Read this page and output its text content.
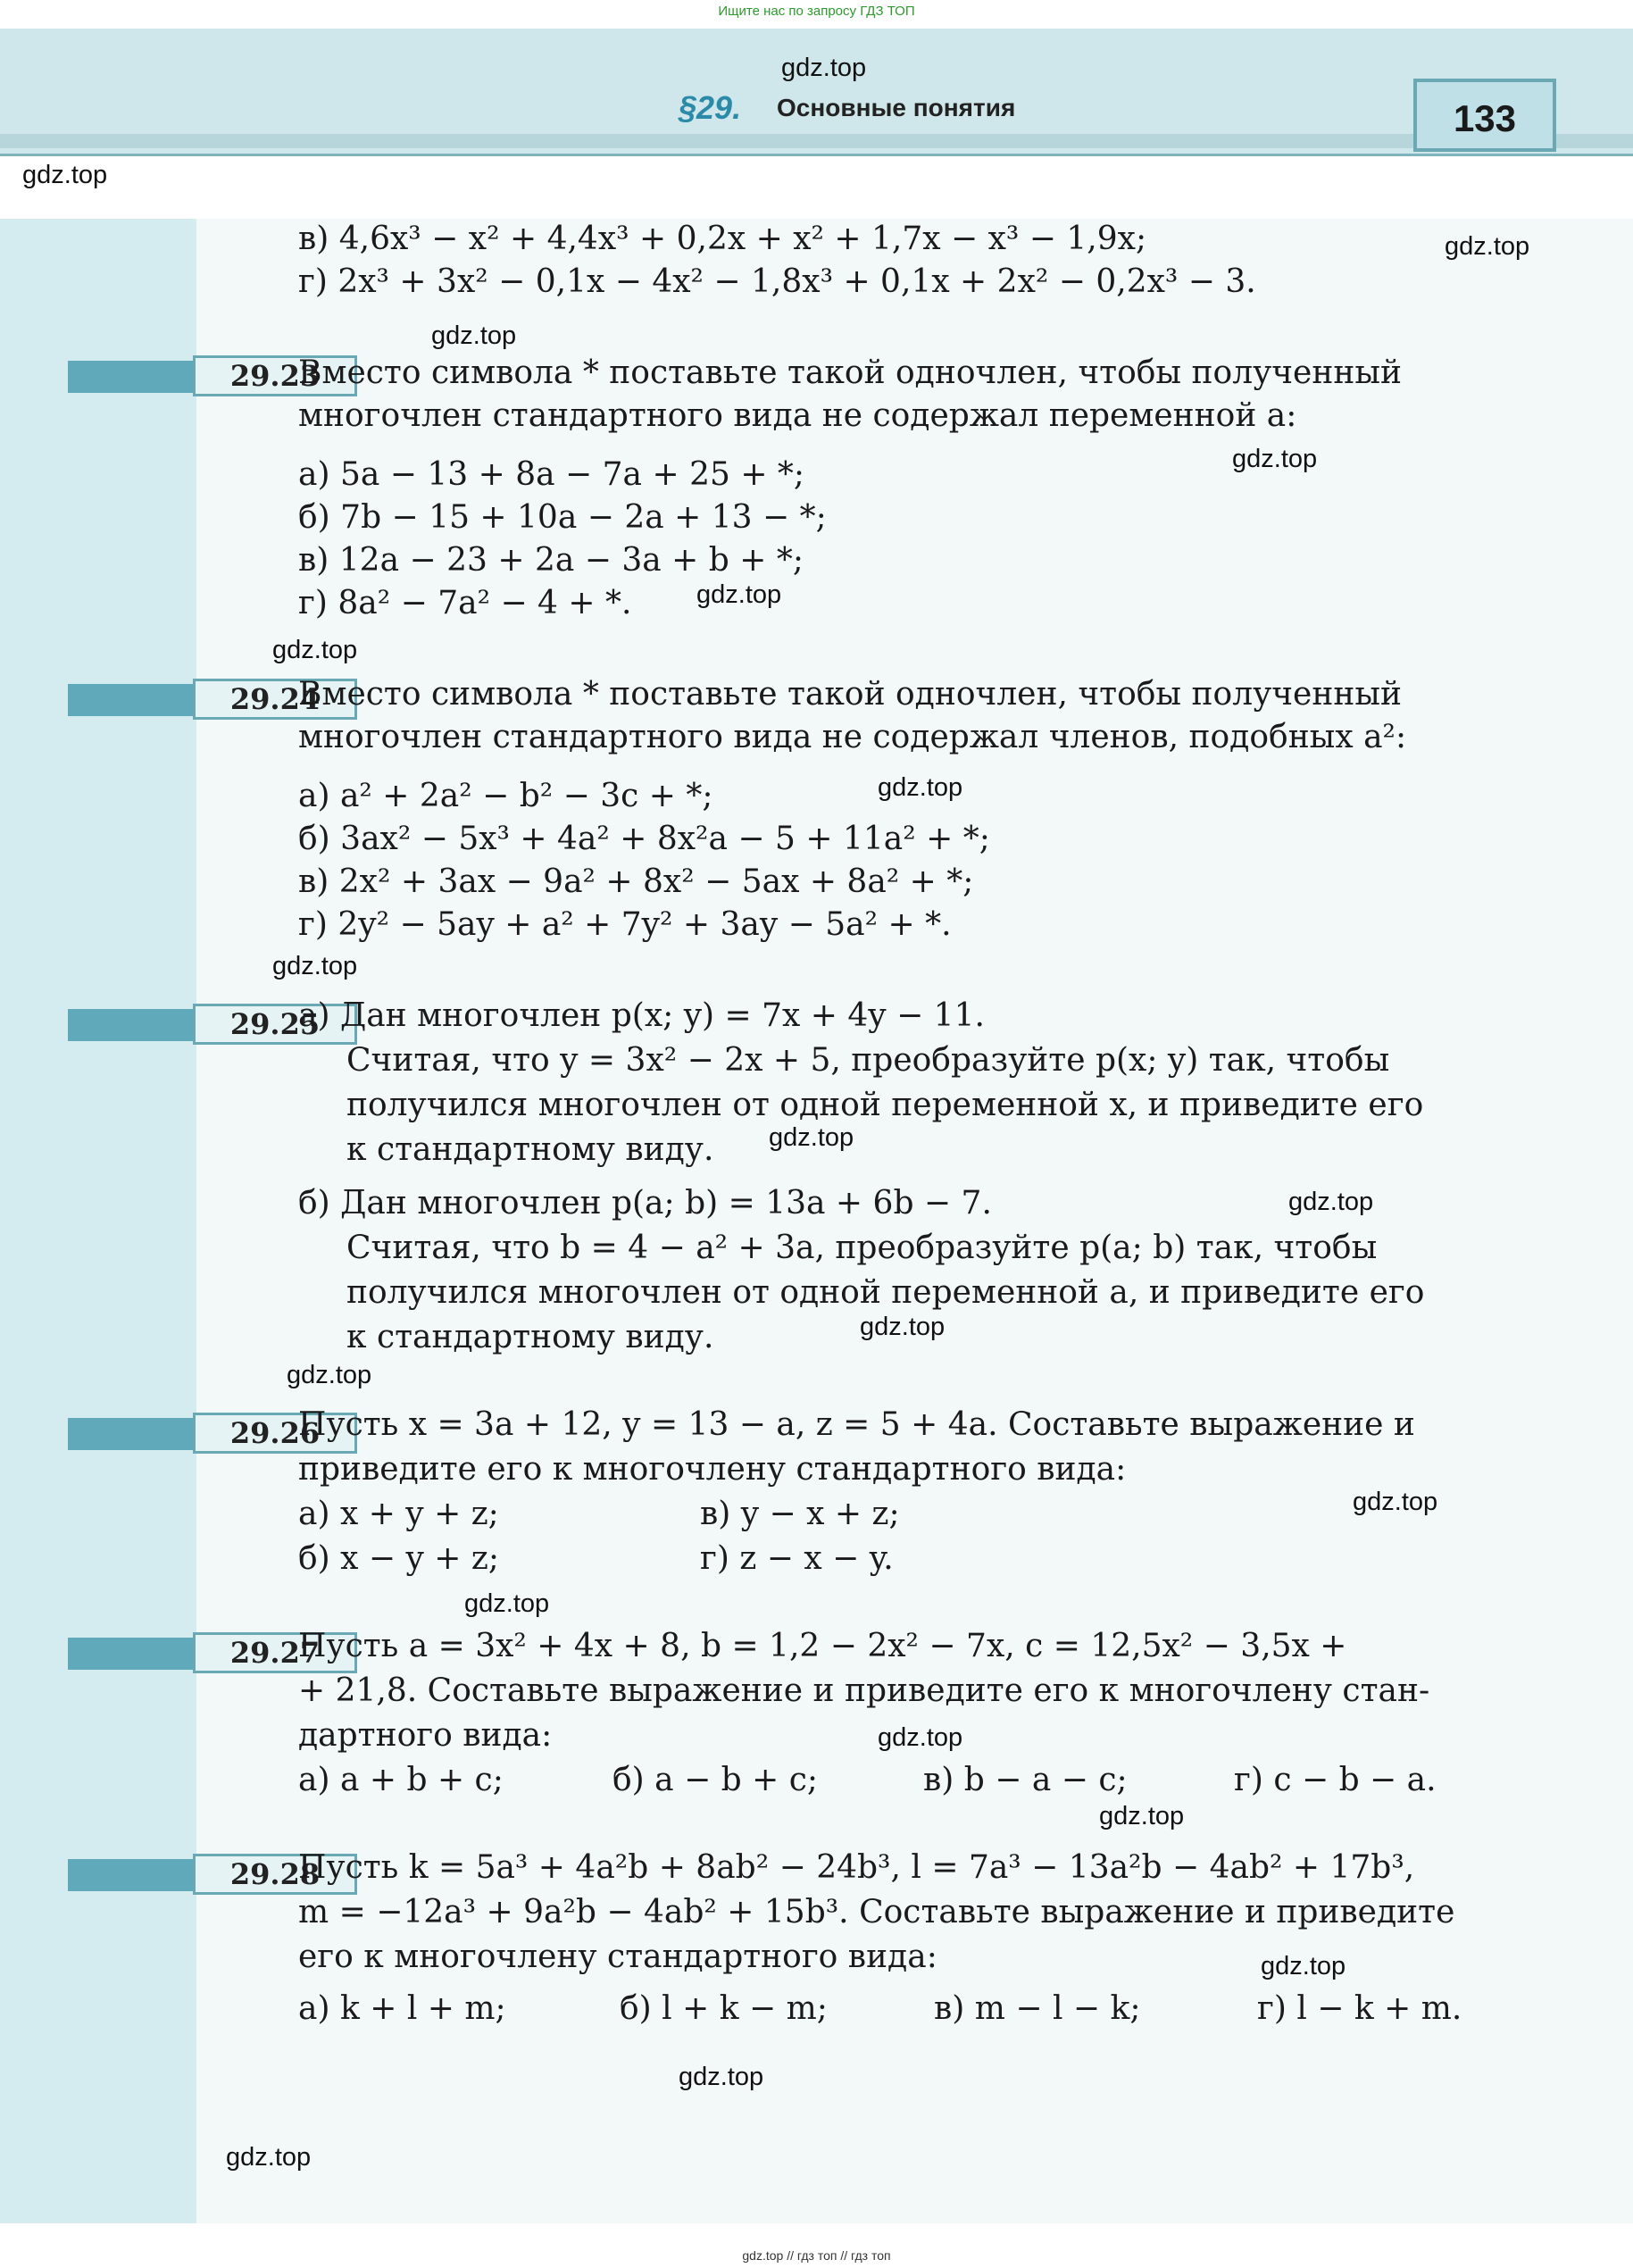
Ищите нас по запросу ГДЗ ТОП
§29. Основные понятия	133
в) 4,6x³ − x² + 4,4x³ + 0,2x + x² + 1,7x − x³ − 1,9x;
г) 2x³ + 3x² − 0,1x − 4x² − 1,8x³ + 0,1x + 2x² − 0,2x³ − 3.
29.23
Вместо символа * поставьте такой одночлен, чтобы полученный
многочлен стандартного вида не содержал переменной a:
а) 5a − 13 + 8a − 7a + 25 + *;
б) 7b − 15 + 10a − 2a + 13 − *;
в) 12a − 23 + 2a − 3a + b + *;
г) 8a² − 7a² − 4 + *.
29.24
Вместо символа * поставьте такой одночлен, чтобы полученный
многочлен стандартного вида не содержал членов, подобных a²:
а) a² + 2a² − b² − 3c + *;
б) 3ax² − 5x³ + 4a² + 8x²a − 5 + 11a² + *;
в) 2x² + 3ax − 9a² + 8x² − 5ax + 8a² + *;
г) 2y² − 5ay + a² + 7y² + 3ay − 5a² + *.
29.25
а) Дан многочлен p(x; y) = 7x + 4y − 11.
Считая, что y = 3x² − 2x + 5, преобразуйте p(x; y) так, чтобы
получился многочлен от одной переменной x, и приведите его
к стандартному виду.
б) Дан многочлен p(a; b) = 13a + 6b − 7.
Считая, что b = 4 − a² + 3a, преобразуйте p(a; b) так, чтобы
получился многочлен от одной переменной a, и приведите его
к стандартному виду.
29.26
Пусть x = 3a + 12, y = 13 − a, z = 5 + 4a. Составьте выражение и
приведите его к многочлену стандартного вида:
а) x + y + z;	в) y − x + z;
б) x − y + z;	г) z − x − y.
29.27
Пусть a = 3x² + 4x + 8, b = 1,2 − 2x² − 7x, c = 12,5x² − 3,5x +
+ 21,8. Составьте выражение и приведите его к многочлену стан-
дартного вида:
а) a + b + c;	б) a − b + c;	в) b − a − c;	г) c − b − a.
29.28
Пусть k = 5a³ + 4a²b + 8ab² − 24b³, l = 7a³ − 13a²b − 4ab² + 17b³,
m = −12a³ + 9a²b − 4ab² + 15b³. Составьте выражение и приведите
его к многочлену стандартного вида:
а) k + l + m;	б) l + k − m;	в) m − l − k;	г) l − k + m.
gdz.top
gdz.top
gdz.top
gdz.top
gdz.top
gdz.top
gdz.top
gdz.top
gdz.top
gdz.top
gdz.top
gdz.top
gdz.top
gdz.top
gdz.top
gdz.top
gdz.top
gdz.top
gdz.top
gdz.top
gdz.top // гдз топ // гдз топ
